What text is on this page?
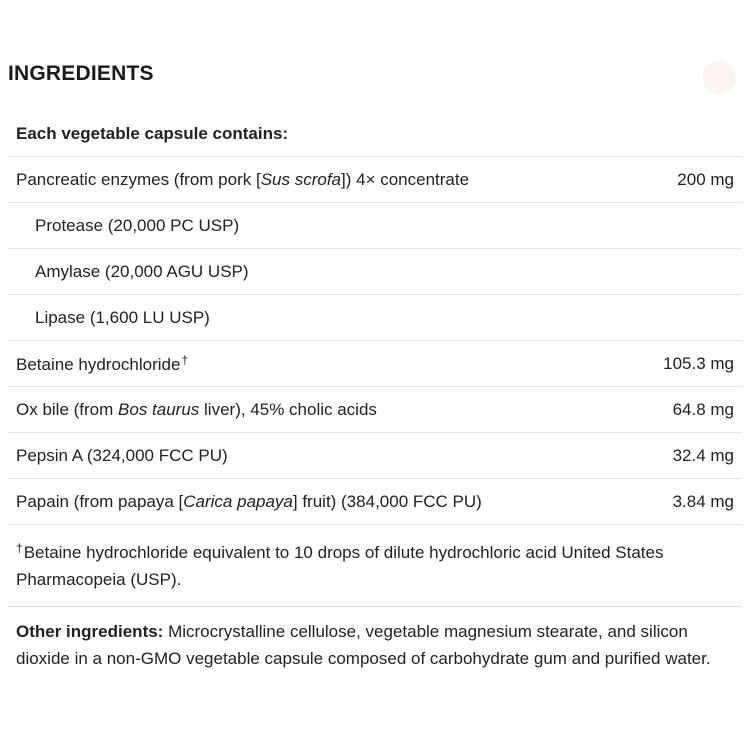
INGREDIENTS
Each vegetable capsule contains:
Pancreatic enzymes (from pork [Sus scrofa]) 4× concentrate	200 mg
Protease (20,000 PC USP)
Amylase (20,000 AGU USP)
Lipase (1,600 LU USP)
Betaine hydrochloride†	105.3 mg
Ox bile (from Bos taurus liver), 45% cholic acids	64.8 mg
Pepsin A (324,000 FCC PU)	32.4 mg
Papain (from papaya [Carica papaya] fruit) (384,000 FCC PU)	3.84 mg
†Betaine hydrochloride equivalent to 10 drops of dilute hydrochloric acid United States Pharmacopeia (USP).
Other ingredients: Microcrystalline cellulose, vegetable magnesium stearate, and silicon dioxide in a non-GMO vegetable capsule composed of carbohydrate gum and purified water.
